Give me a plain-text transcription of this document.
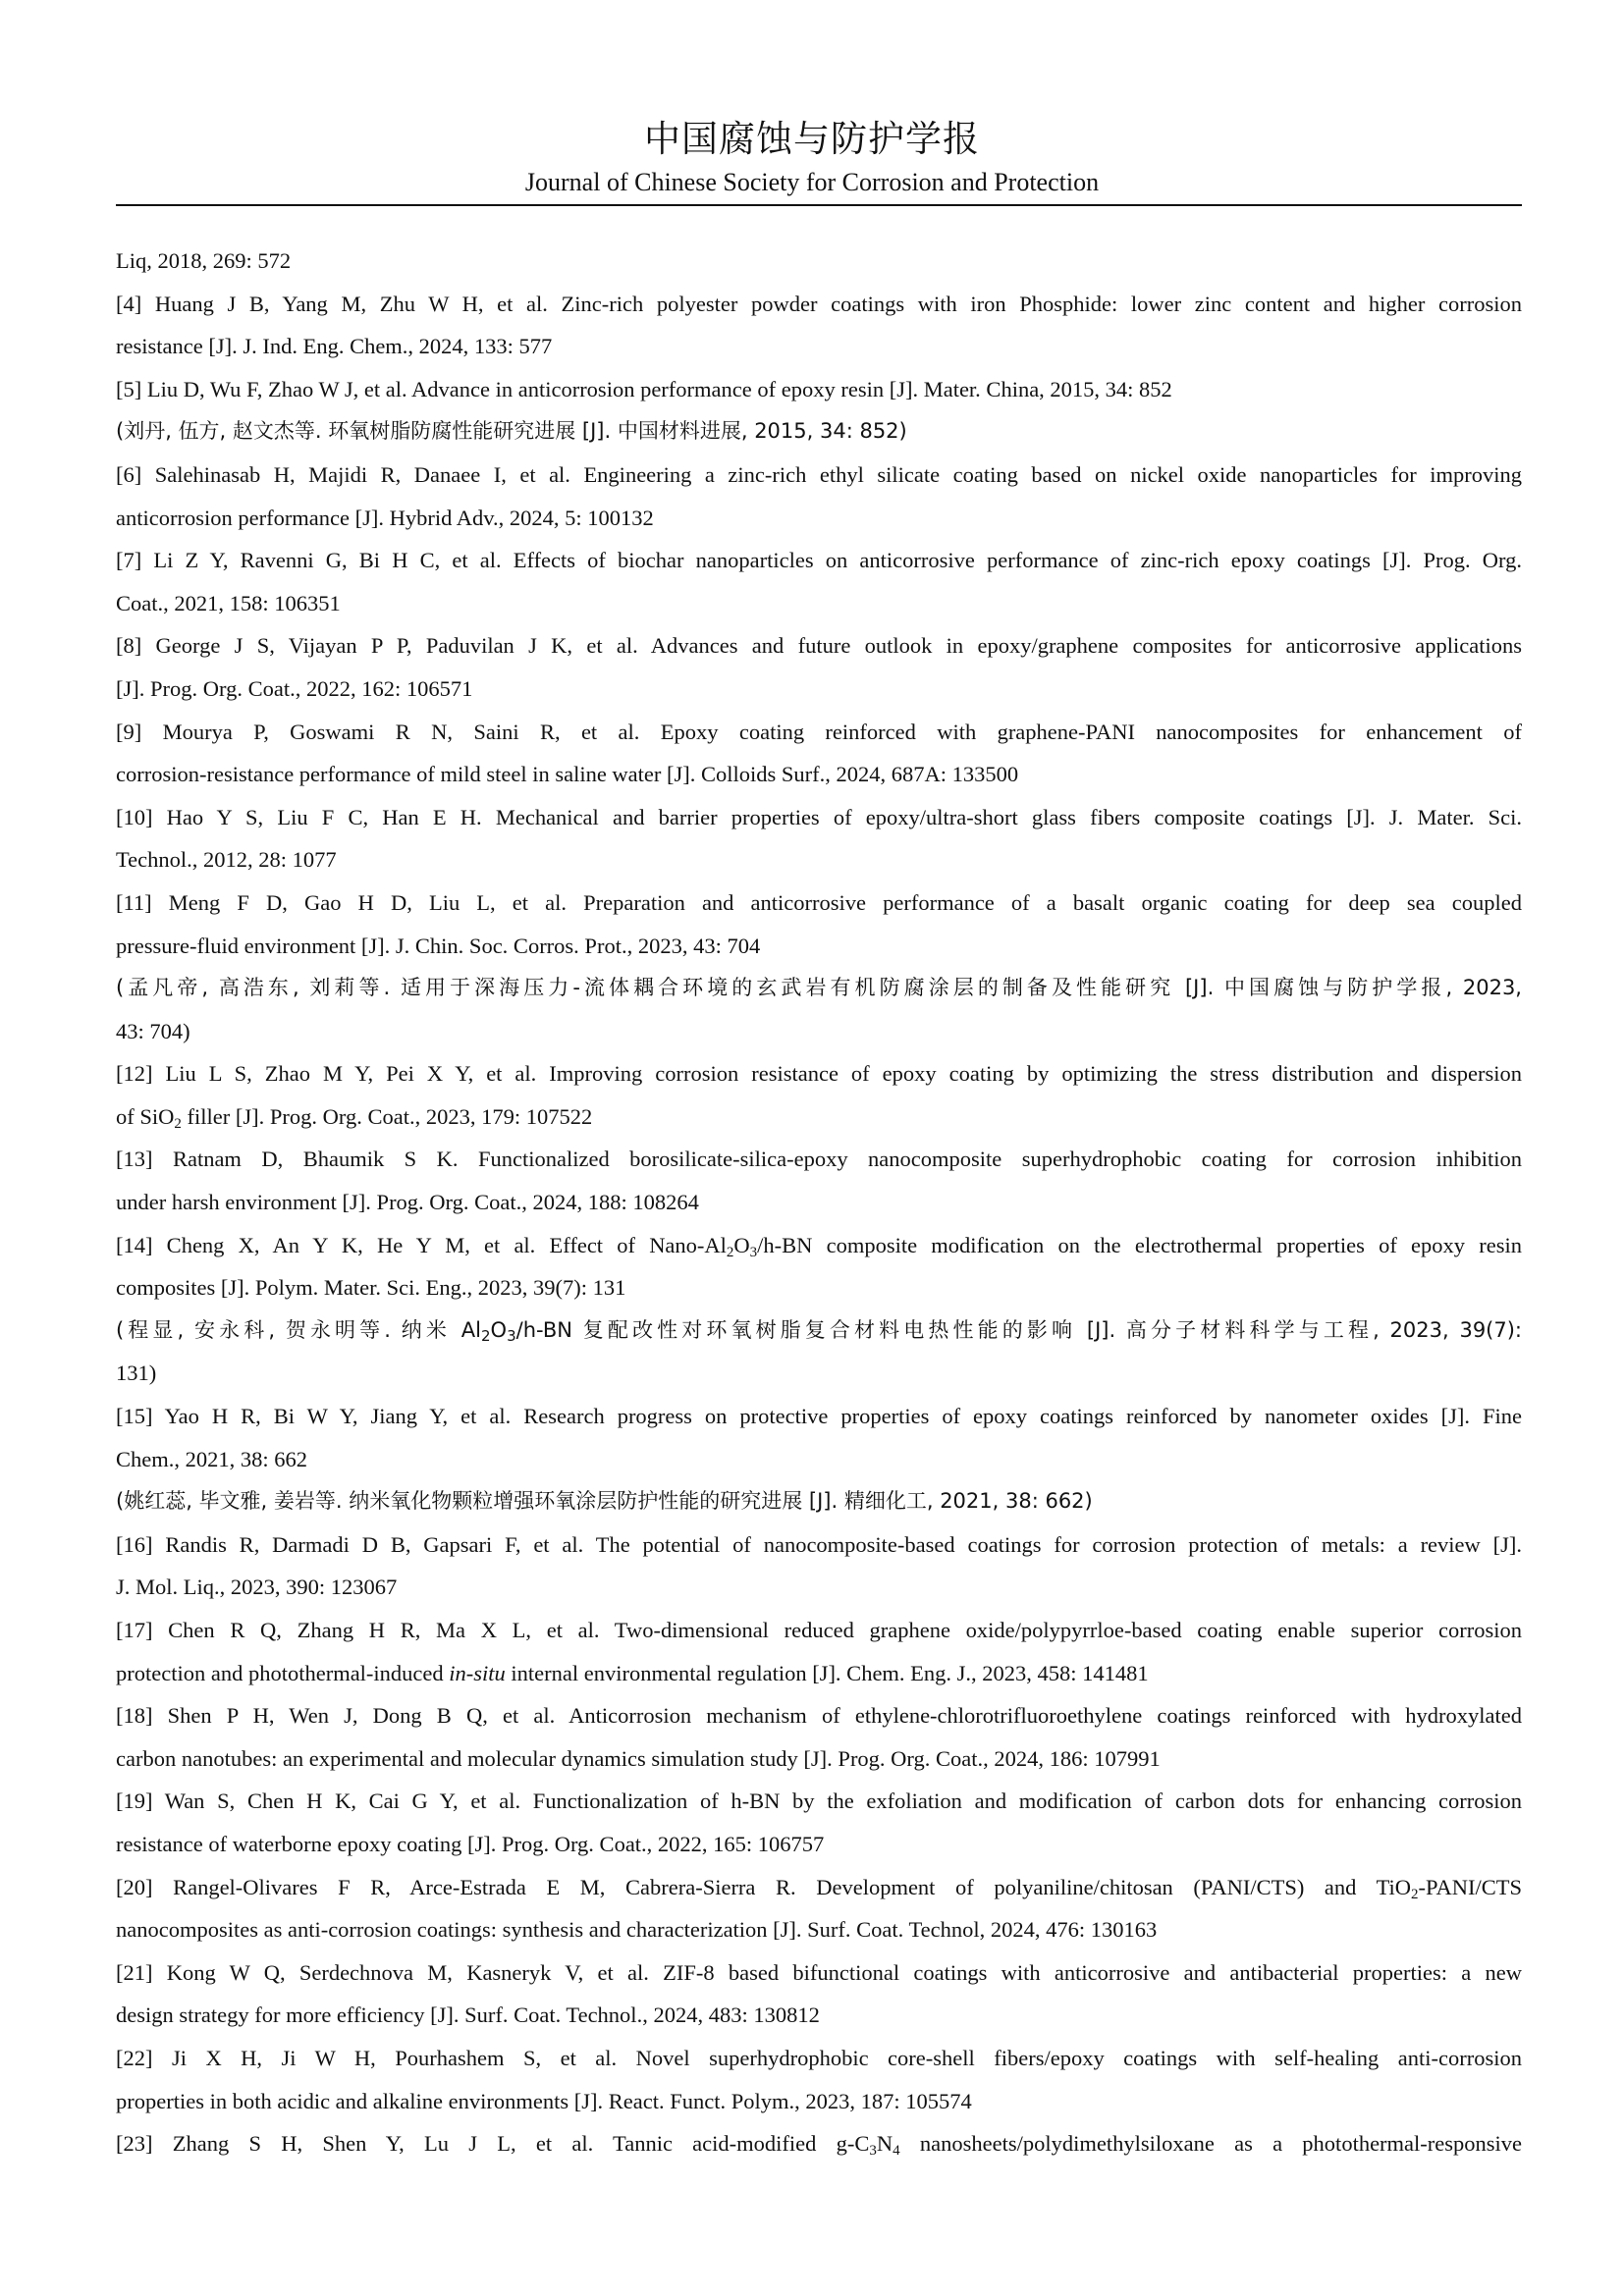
中国腐蚀与防护学报
Journal of Chinese Society for Corrosion and Protection
Liq, 2018, 269: 572
[4] Huang J B, Yang M, Zhu W H, et al. Zinc-rich polyester powder coatings with iron Phosphide: lower zinc content and higher corrosion
resistance [J]. J. Ind. Eng. Chem., 2024, 133: 577
[5] Liu D, Wu F, Zhao W J, et al. Advance in anticorrosion performance of epoxy resin [J]. Mater. China, 2015, 34: 852
(刘丹, 伍方, 赵文杰等. 环氧树脂防腐性能研究进展 [J]. 中国材料进展, 2015, 34: 852)
[6] Salehinasab H, Majidi R, Danaee I, et al. Engineering a zinc-rich ethyl silicate coating based on nickel oxide nanoparticles for improving
anticorrosion performance [J]. Hybrid Adv., 2024, 5: 100132
[7] Li Z Y, Ravenni G, Bi H C, et al. Effects of biochar nanoparticles on anticorrosive performance of zinc-rich epoxy coatings [J]. Prog. Org.
Coat., 2021, 158: 106351
[8] George J S, Vijayan P P, Paduvilan J K, et al. Advances and future outlook in epoxy/graphene composites for anticorrosive applications
[J]. Prog. Org. Coat., 2022, 162: 106571
[9] Mourya P, Goswami R N, Saini R, et al. Epoxy coating reinforced with graphene-PANI nanocomposites for enhancement of
corrosion-resistance performance of mild steel in saline water [J]. Colloids Surf., 2024, 687A: 133500
[10] Hao Y S, Liu F C, Han E H. Mechanical and barrier properties of epoxy/ultra-short glass fibers composite coatings [J]. J. Mater. Sci.
Technol., 2012, 28: 1077
[11] Meng F D, Gao H D, Liu L, et al. Preparation and anticorrosive performance of a basalt organic coating for deep sea coupled
pressure-fluid environment [J]. J. Chin. Soc. Corros. Prot., 2023, 43: 704
(孟凡帝, 高浩东, 刘莉等. 适用于深海压力-流体耦合环境的玄武岩有机防腐涂层的制备及性能研究 [J]. 中国腐蚀与防护学报, 2023,
43: 704)
[12] Liu L S, Zhao M Y, Pei X Y, et al. Improving corrosion resistance of epoxy coating by optimizing the stress distribution and dispersion
of SiO$_2$ filler [J]. Prog. Org. Coat., 2023, 179: 107522
[13] Ratnam D, Bhaumik S K. Functionalized borosilicate-silica-epoxy nanocomposite superhydrophobic coating for corrosion inhibition
under harsh environment [J]. Prog. Org. Coat., 2024, 188: 108264
[14] Cheng X, An Y K, He Y M, et al. Effect of Nano-$Al_2O_3/h-BN$ composite modification on the electrothermal properties of epoxy resin
composites [J]. Polym. Mater. Sci. Eng., 2023, 39(7): 131
(程显, 安永科, 贺永明等. 纳米 $Al_2O_3/h-BN$ 复配改性对环氧树脂复合材料电热性能的影响 [J]. 高分子材料科学与工程, 2023, 39(7):
131)
[15] Yao H R, Bi W Y, Jiang Y, et al. Research progress on protective properties of epoxy coatings reinforced by nanometer oxides [J]. Fine
Chem., 2021, 38: 662
(姚红蕊, 毕文雅, 姜岩等. 纳米氧化物颗粒增强环氧涂层防护性能的研究进展 [J]. 精细化工, 2021, 38: 662)
[16] Randis R, Darmadi D B, Gapsari F, et al. The potential of nanocomposite-based coatings for corrosion protection of metals: a review [J].
J. Mol. Liq., 2023, 390: 123067
[17] Chen R Q, Zhang H R, Ma X L, et al. Two-dimensional reduced graphene oxide/polypyrrloe-based coating enable superior corrosion
protection and photothermal-induced in-situ internal environmental regulation [J]. Chem. Eng. J., 2023, 458: 141481
[18] Shen P H, Wen J, Dong B Q, et al. Anticorrosion mechanism of ethylene-chlorotrifluoroethylene coatings reinforced with hydroxylated
carbon nanotubes: an experimental and molecular dynamics simulation study [J]. Prog. Org. Coat., 2024, 186: 107991
[19] Wan S, Chen H K, Cai G Y, et al. Functionalization of h-BN by the exfoliation and modification of carbon dots for enhancing corrosion
resistance of waterborne epoxy coating [J]. Prog. Org. Coat., 2022, 165: 106757
[20] Rangel-Olivares F R, Arce-Estrada E M, Cabrera-Sierra R. Development of polyaniline/chitosan (PANI/CTS) and TiO$_2$-PANI/CTS
nanocomposites as anti-corrosion coatings: synthesis and characterization [J]. Surf. Coat. Technol, 2024, 476: 130163
[21] Kong W Q, Serdechnova M, Kasneryk V, et al. ZIF-8 based bifunctional coatings with anticorrosive and antibacterial properties: a new
design strategy for more efficiency [J]. Surf. Coat. Technol., 2024, 483: 130812
[22] Ji X H, Ji W H, Pourhashem S, et al. Novel superhydrophobic core-shell fibers/epoxy coatings with self-healing anti-corrosion
properties in both acidic and alkaline environments [J]. React. Funct. Polym., 2023, 187: 105574
[23] Zhang S H, Shen Y, Lu J L, et al. Tannic acid-modified $g-C_3N_4$ nanosheets/polydimethylsiloxane as a photothermal-responsive
